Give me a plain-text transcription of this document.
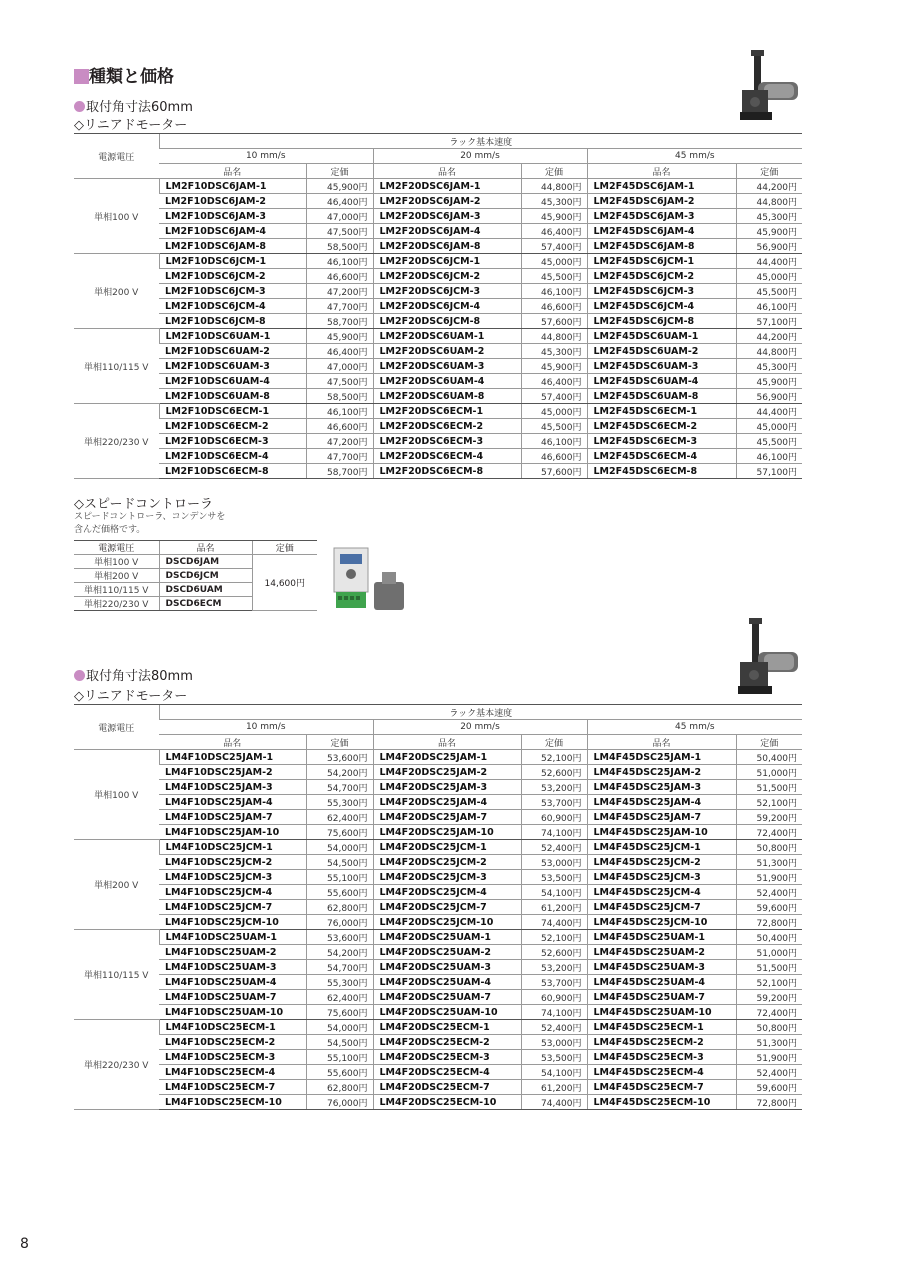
種類と価格
取付角寸法60mm
◇リニアドモーター
電源電圧	ラック基本速度					
	10 mm/s		20 mm/s		45 mm/s	
	品名	定価	品名	定価	品名	定価
単相100 V	LM2F10DSC6JAM-1	45,900円	LM2F20DSC6JAM-1	44,800円	LM2F45DSC6JAM-1	44,200円
	LM2F10DSC6JAM-2	46,400円	LM2F20DSC6JAM-2	45,300円	LM2F45DSC6JAM-2	44,800円
	LM2F10DSC6JAM-3	47,000円	LM2F20DSC6JAM-3	45,900円	LM2F45DSC6JAM-3	45,300円
	LM2F10DSC6JAM-4	47,500円	LM2F20DSC6JAM-4	46,400円	LM2F45DSC6JAM-4	45,900円
	LM2F10DSC6JAM-8	58,500円	LM2F20DSC6JAM-8	57,400円	LM2F45DSC6JAM-8	56,900円
単相200 V	LM2F10DSC6JCM-1	46,100円	LM2F20DSC6JCM-1	45,000円	LM2F45DSC6JCM-1	44,400円
	LM2F10DSC6JCM-2	46,600円	LM2F20DSC6JCM-2	45,500円	LM2F45DSC6JCM-2	45,000円
	LM2F10DSC6JCM-3	47,200円	LM2F20DSC6JCM-3	46,100円	LM2F45DSC6JCM-3	45,500円
	LM2F10DSC6JCM-4	47,700円	LM2F20DSC6JCM-4	46,600円	LM2F45DSC6JCM-4	46,100円
	LM2F10DSC6JCM-8	58,700円	LM2F20DSC6JCM-8	57,600円	LM2F45DSC6JCM-8	57,100円
単相110/115 V	LM2F10DSC6UAM-1	45,900円	LM2F20DSC6UAM-1	44,800円	LM2F45DSC6UAM-1	44,200円
	LM2F10DSC6UAM-2	46,400円	LM2F20DSC6UAM-2	45,300円	LM2F45DSC6UAM-2	44,800円
	LM2F10DSC6UAM-3	47,000円	LM2F20DSC6UAM-3	45,900円	LM2F45DSC6UAM-3	45,300円
	LM2F10DSC6UAM-4	47,500円	LM2F20DSC6UAM-4	46,400円	LM2F45DSC6UAM-4	45,900円
	LM2F10DSC6UAM-8	58,500円	LM2F20DSC6UAM-8	57,400円	LM2F45DSC6UAM-8	56,900円
単相220/230 V	LM2F10DSC6ECM-1	46,100円	LM2F20DSC6ECM-1	45,000円	LM2F45DSC6ECM-1	44,400円
	LM2F10DSC6ECM-2	46,600円	LM2F20DSC6ECM-2	45,500円	LM2F45DSC6ECM-2	45,000円
	LM2F10DSC6ECM-3	47,200円	LM2F20DSC6ECM-3	46,100円	LM2F45DSC6ECM-3	45,500円
	LM2F10DSC6ECM-4	47,700円	LM2F20DSC6ECM-4	46,600円	LM2F45DSC6ECM-4	46,100円
	LM2F10DSC6ECM-8	58,700円	LM2F20DSC6ECM-8	57,600円	LM2F45DSC6ECM-8	57,100円
◇スピードコントローラ
スピードコントローラ、コンデンサを
含んだ価格です。
電源電圧	品名	定価
単相100 V	DSCD6JAM	14,600円
単相200 V	DSCD6JCM	
単相110/115 V	DSCD6UAM	
単相220/230 V	DSCD6ECM	
取付角寸法80mm
◇リニアドモーター
電源電圧	ラック基本速度					
	10 mm/s		20 mm/s		45 mm/s	
	品名	定価	品名	定価	品名	定価
単相100 V	LM4F10DSC25JAM-1	53,600円	LM4F20DSC25JAM-1	52,100円	LM4F45DSC25JAM-1	50,400円
	LM4F10DSC25JAM-2	54,200円	LM4F20DSC25JAM-2	52,600円	LM4F45DSC25JAM-2	51,000円
	LM4F10DSC25JAM-3	54,700円	LM4F20DSC25JAM-3	53,200円	LM4F45DSC25JAM-3	51,500円
	LM4F10DSC25JAM-4	55,300円	LM4F20DSC25JAM-4	53,700円	LM4F45DSC25JAM-4	52,100円
	LM4F10DSC25JAM-7	62,400円	LM4F20DSC25JAM-7	60,900円	LM4F45DSC25JAM-7	59,200円
	LM4F10DSC25JAM-10	75,600円	LM4F20DSC25JAM-10	74,100円	LM4F45DSC25JAM-10	72,400円
単相200 V	LM4F10DSC25JCM-1	54,000円	LM4F20DSC25JCM-1	52,400円	LM4F45DSC25JCM-1	50,800円
	LM4F10DSC25JCM-2	54,500円	LM4F20DSC25JCM-2	53,000円	LM4F45DSC25JCM-2	51,300円
	LM4F10DSC25JCM-3	55,100円	LM4F20DSC25JCM-3	53,500円	LM4F45DSC25JCM-3	51,900円
	LM4F10DSC25JCM-4	55,600円	LM4F20DSC25JCM-4	54,100円	LM4F45DSC25JCM-4	52,400円
	LM4F10DSC25JCM-7	62,800円	LM4F20DSC25JCM-7	61,200円	LM4F45DSC25JCM-7	59,600円
	LM4F10DSC25JCM-10	76,000円	LM4F20DSC25JCM-10	74,400円	LM4F45DSC25JCM-10	72,800円
単相110/115 V	LM4F10DSC25UAM-1	53,600円	LM4F20DSC25UAM-1	52,100円	LM4F45DSC25UAM-1	50,400円
	LM4F10DSC25UAM-2	54,200円	LM4F20DSC25UAM-2	52,600円	LM4F45DSC25UAM-2	51,000円
	LM4F10DSC25UAM-3	54,700円	LM4F20DSC25UAM-3	53,200円	LM4F45DSC25UAM-3	51,500円
	LM4F10DSC25UAM-4	55,300円	LM4F20DSC25UAM-4	53,700円	LM4F45DSC25UAM-4	52,100円
	LM4F10DSC25UAM-7	62,400円	LM4F20DSC25UAM-7	60,900円	LM4F45DSC25UAM-7	59,200円
	LM4F10DSC25UAM-10	75,600円	LM4F20DSC25UAM-10	74,100円	LM4F45DSC25UAM-10	72,400円
単相220/230 V	LM4F10DSC25ECM-1	54,000円	LM4F20DSC25ECM-1	52,400円	LM4F45DSC25ECM-1	50,800円
	LM4F10DSC25ECM-2	54,500円	LM4F20DSC25ECM-2	53,000円	LM4F45DSC25ECM-2	51,300円
	LM4F10DSC25ECM-3	55,100円	LM4F20DSC25ECM-3	53,500円	LM4F45DSC25ECM-3	51,900円
	LM4F10DSC25ECM-4	55,600円	LM4F20DSC25ECM-4	54,100円	LM4F45DSC25ECM-4	52,400円
	LM4F10DSC25ECM-7	62,800円	LM4F20DSC25ECM-7	61,200円	LM4F45DSC25ECM-7	59,600円
	LM4F10DSC25ECM-10	76,000円	LM4F20DSC25ECM-10	74,400円	LM4F45DSC25ECM-10	72,800円
8
